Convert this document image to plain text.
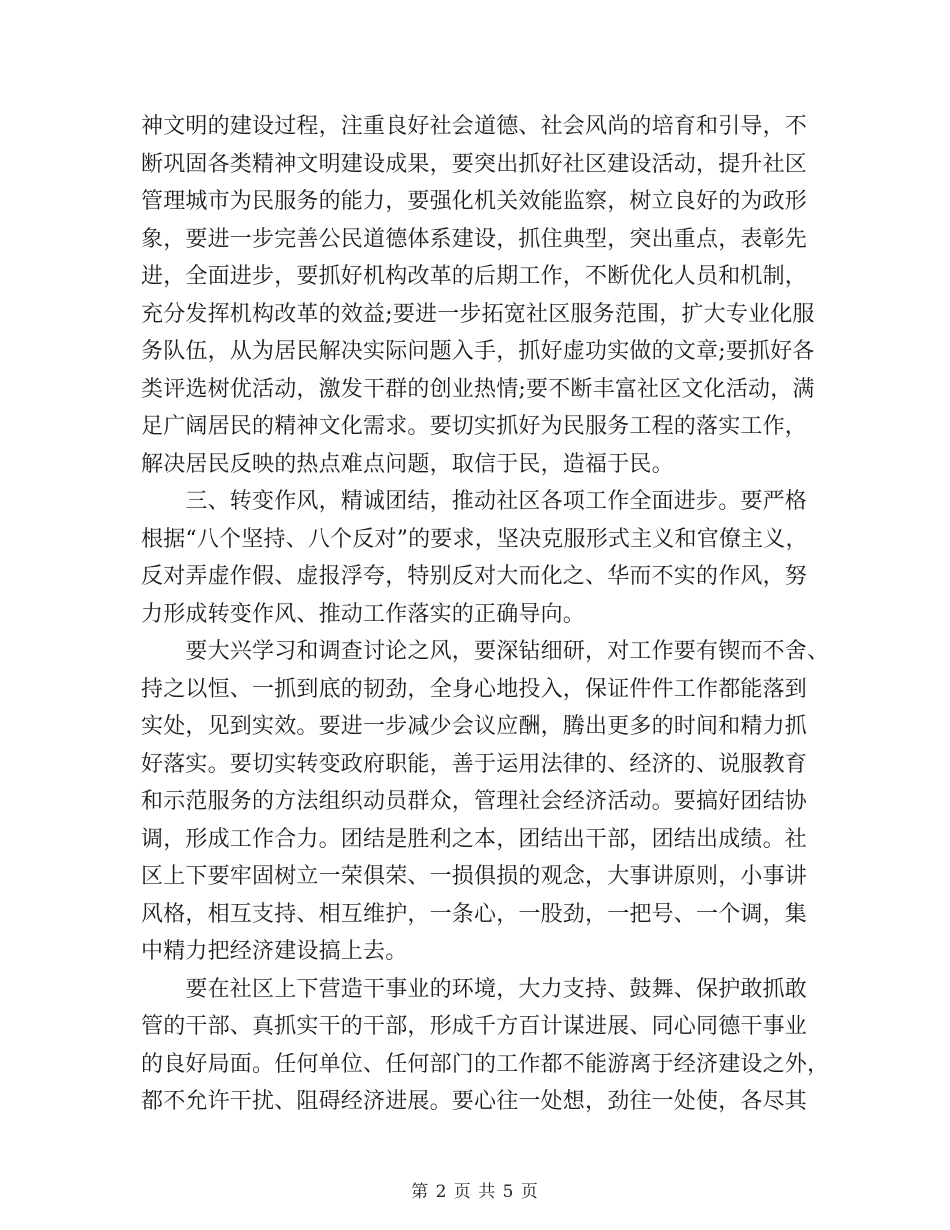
神文明的建设过程，注重良好社会道德、社会风尚的培育和引导，不
断巩固各类精神文明建设成果，要突出抓好社区建设活动，提升社区
管理城市为民服务的能力，要强化机关效能监察，树立良好的为政形
象，要进一步完善公民道德体系建设，抓住典型，突出重点，表彰先
进，全面进步，要抓好机构改革的后期工作，不断优化人员和机制，
充分发挥机构改革的效益;要进一步拓宽社区服务范围，扩大专业化服
务队伍，从为居民解决实际问题入手，抓好虚功实做的文章;要抓好各
类评选树优活动，激发干群的创业热情;要不断丰富社区文化活动，满
足广阔居民的精神文化需求。要切实抓好为民服务工程的落实工作，
解决居民反映的热点难点问题，取信于民，造福于民。
　　三、转变作风，精诚团结，推动社区各项工作全面进步。要严格
根据“八个坚持、八个反对”的要求，坚决克服形式主义和官僚主义，
反对弄虚作假、虚报浮夸，特别反对大而化之、华而不实的作风，努
力形成转变作风、推动工作落实的正确导向。
　　要大兴学习和调查讨论之风，要深钻细研，对工作要有锲而不舍、
持之以恒、一抓到底的韧劲，全身心地投入，保证件件工作都能落到
实处，见到实效。要进一步减少会议应酬，腾出更多的时间和精力抓
好落实。要切实转变政府职能，善于运用法律的、经济的、说服教育
和示范服务的方法组织动员群众，管理社会经济活动。要搞好团结协
调，形成工作合力。团结是胜利之本，团结出干部，团结出成绩。社
区上下要牢固树立一荣俱荣、一损俱损的观念，大事讲原则，小事讲
风格，相互支持、相互维护，一条心，一股劲，一把号、一个调，集
中精力把经济建设搞上去。
　　要在社区上下营造干事业的环境，大力支持、鼓舞、保护敢抓敢
管的干部、真抓实干的干部，形成千方百计谋进展、同心同德干事业
的良好局面。任何单位、任何部门的工作都不能游离于经济建设之外，
都不允许干扰、阻碍经济进展。要心往一处想，劲往一处使，各尽其
第 2 页 共 5 页
